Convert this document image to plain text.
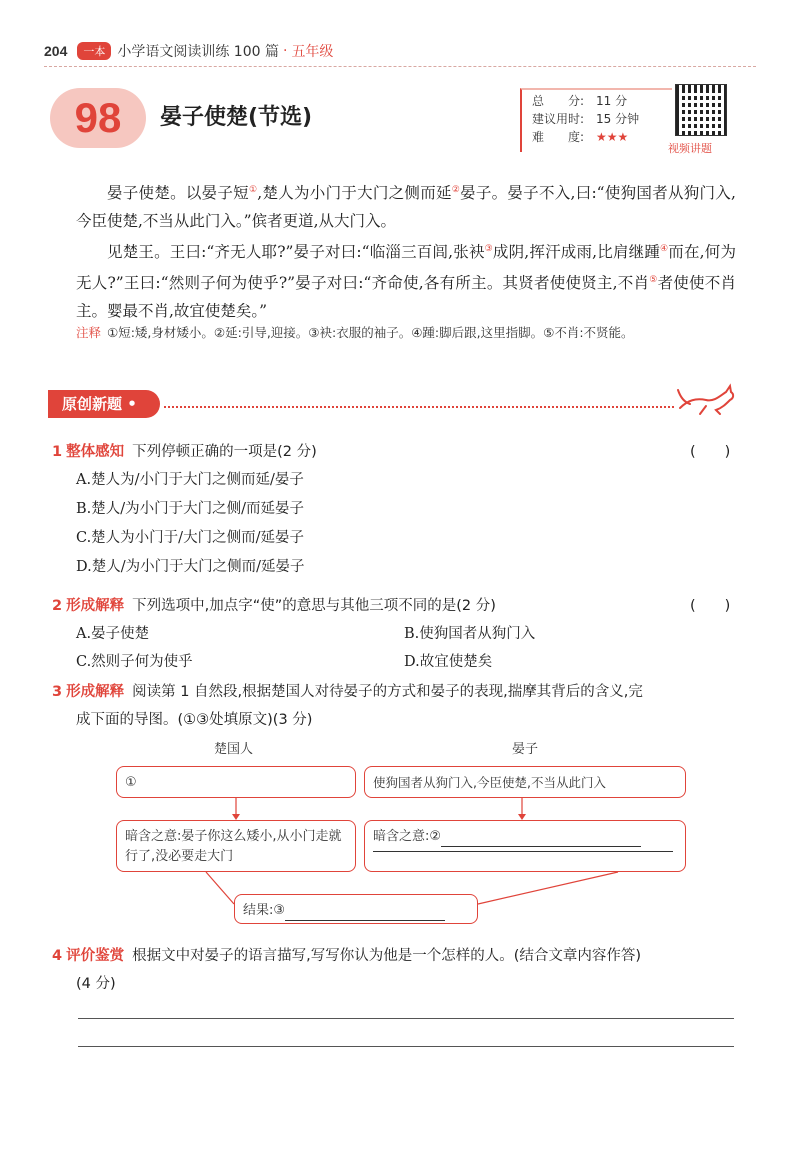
204	一本 小学语文阅读训练 100 篇 · 五年级
98	晏子使楚(节选)
总　　分: 11 分
建议用时: 15 分钟
难　　度: ★★★
视频讲题

晏子使楚。以晏子短①,楚人为小门于大门之侧而延②晏子。晏子不入,曰:“使狗国者从狗门入,今臣使楚,不当从此门入。”傧者更道,从大门入。

见楚王。王曰:“齐无人耶?”晏子对曰:“临淄三百闾,张袂③成阴,挥汗成雨,比肩继踵④而在,何为无人?”王曰:“然则子何为使乎?”晏子对曰:“齐命使,各有所主。其贤者使使贤主,不肖⑤者使使不肖主。婴最不肖,故宜使楚矣。”

注释 ①短:矮,身材矮小。②延:引导,迎接。③袂:衣服的袖子。④踵:脚后跟,这里指脚。⑤不肖:不贤能。
原创新题 •
1 整体感知 下列停顿正确的一项是(2 分)	(　　)
A.楚人为/小门于大门之侧而延/晏子
B.楚人/为小门于大门之侧/而延晏子
C.楚人为小门于/大门之侧而/延晏子
D.楚人/为小门于大门之侧而/延晏子
2 形成解释 下列选项中,加点字“使”的意思与其他三项不同的是(2 分)	(　　)
A.晏子使楚	B.使狗国者从狗门入
C.然则子何为使乎	D.故宜使楚矣
3 形成解释 阅读第 1 自然段,根据楚国人对待晏子的方式和晏子的表现,揣摩其背后的含义,完
成下面的导图。(①③处填原文)(3 分)
楚国人	晏子
①	使狗国者从狗门入,今臣使楚,不当从此门入
暗含之意:晏子你这么矮小,从小门走就行了,没必要走大门
暗含之意:②
结果:③
4 评价鉴赏 根据文中对晏子的语言描写,写写你认为他是一个怎样的人。(结合文章内容作答)
(4 分)
